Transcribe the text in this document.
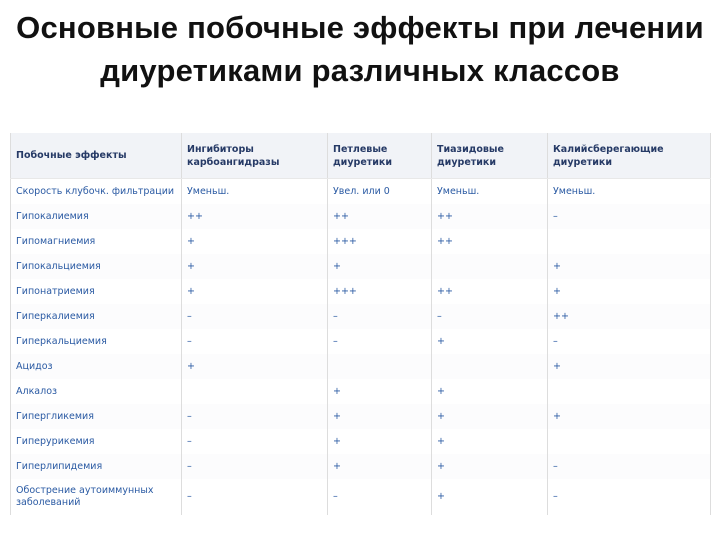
Основные побочные эффекты при лечении диуретиками различных классов
Побочные эффекты	Ингибиторы карбоангидразы	Петлевые диуретики	Тиазидовые диуретики	Калийсберегающие диуретики
Скорость клубочк. фильтрации	Уменьш.	Увел. или 0	Уменьш.	Уменьш.
Гипокалиемия	++	++	++	–
Гипомагниемия	+	+++	++	
Гипокальциемия	+	+		+
Гипонатриемия	+	+++	++	+
Гиперкалиемия	–	–	–	++
Гиперкальциемия	–	–	+	–
Ацидоз	+			+
Алкалоз		+	+	
Гипергликемия	–	+	+	+
Гиперурикемия	–	+	+	
Гиперлипидемия	–	+	+	–
Обострение аутоиммунных заболеваний	–	–	+	–
